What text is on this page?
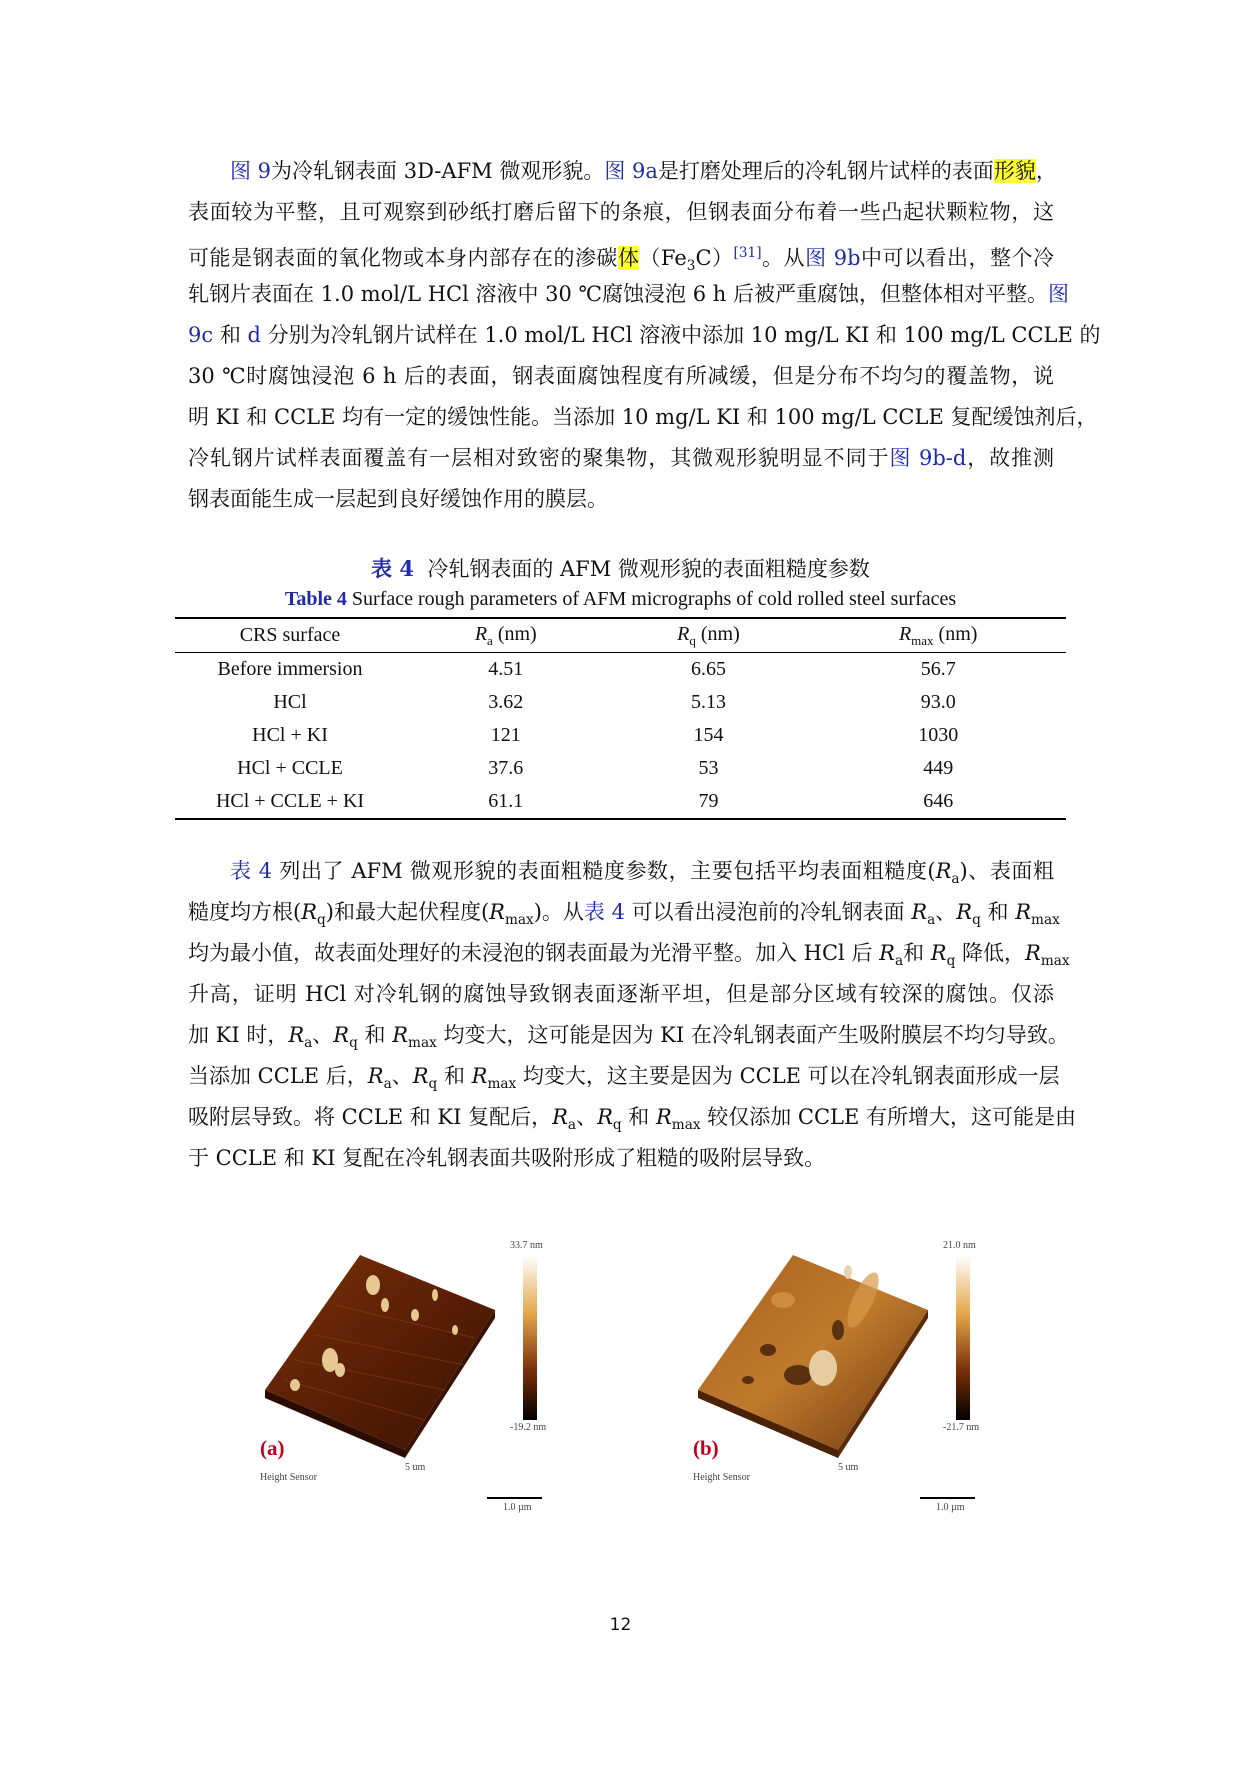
图 9为冷轧钢表面 3D-AFM 微观形貌。图 9a是打磨处理后的冷轧钢片试样的表面形貌，
表面较为平整，且可观察到砂纸打磨后留下的条痕，但钢表面分布着一些凸起状颗粒物，这
可能是钢表面的氧化物或本身内部存在的渗碳体$(Fe_3C)[31]$。从图 9b中可以看出，整个冷
轧钢片表面在 1.0 mol/L HCl 溶液中 30 ℃腐蚀浸泡 6 h 后被严重腐蚀，但整体相对平整。图
9c 和 d 分别为冷轧钢片试样在 1.0 mol/L HCl 溶液中添加 10 mg/L KI 和 100 mg/L CCLE 的
30 ℃时腐蚀浸泡 6 h 后的表面，钢表面腐蚀程度有所减缓，但是分布不均匀的覆盖物，说
明 KI 和 CCLE 均有一定的缓蚀性能。当添加 10 mg/L KI 和 100 mg/L CCLE 复配缓蚀剂后，
冷轧钢片试样表面覆盖有一层相对致密的聚集物，其微观形貌明显不同于图 9b-d，故推测
钢表面能生成一层起到良好缓蚀作用的膜层。
表 4 冷轧钢表面的 AFM 微观形貌的表面粗糙度参数
Table 4 Surface rough parameters of AFM micrographs of cold rolled steel surfaces
CRS surface	$R_a$ (nm)	$R_q$ (nm)	$R_{max}$ (nm)
Before immersion	4.51	6.65	56.7
HCl	3.62	5.13	93.0
HCl + KI	121	154	1030
HCl + CCLE	37.6	53	449
HCl + CCLE + KI	61.1	79	646
表 4 列出了 AFM 微观形貌的表面粗糙度参数，主要包括平均表面粗糙度$(R_a)$、表面粗
糙度均方根$(R_q)$和最大起伏程度$(R_{max})$。从表 4 可以看出浸泡前的冷轧钢表面 $R_a$、$R_q$ 和 $R_{max}$
均为最小值，故表面处理好的未浸泡的钢表面最为光滑平整。加入 HCl 后 $R_a$和 $R_q$ 降低，$R_{max}$
升高，证明 HCl 对冷轧钢的腐蚀导致钢表面逐渐平坦，但是部分区域有较深的腐蚀。仅添
加 KI 时，$R_a$、$R_q$ 和 $R_{max}$ 均变大，这可能是因为 KI 在冷轧钢表面产生吸附膜层不均匀导致。
当添加 CCLE 后，$R_a$、$R_q$ 和 $R_{max}$ 均变大，这主要是因为 CCLE 可以在冷轧钢表面形成一层
吸附层导致。将 CCLE 和 KI 复配后，$R_a$、$R_q$ 和 $R_{max}$ 较仅添加 CCLE 有所增大，这可能是由
于 CCLE 和 KI 复配在冷轧钢表面共吸附形成了粗糙的吸附层导致。
33.7 nm
-19.2 nm
5 um
(a)
Height Sensor
1.0 µm
21.0 nm
-21.7 nm
5 um
(b)
Height Sensor
1.0 µm
12
